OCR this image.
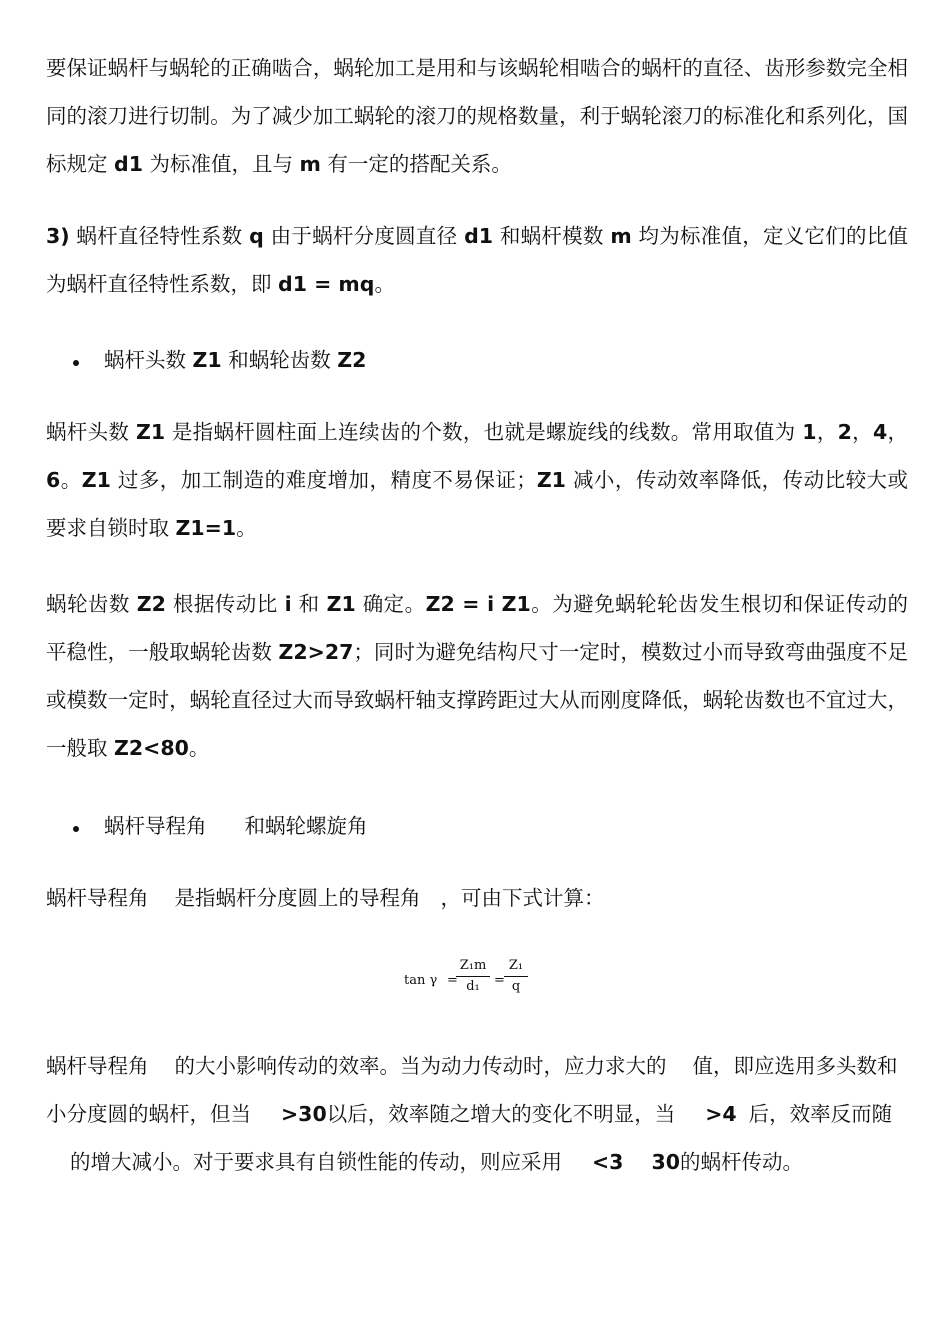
要保证蜗杆与蜗轮的正确啮合，蜗轮加工是用和与该蜗轮相啮合的蜗杆的直径、齿形参数完全相同的滚刀进行切制。为了减少加工蜗轮的滚刀的规格数量，利于蜗轮滚刀的标准化和系列化，国标规定 d1 为标准值，且与 m 有一定的搭配关系。

3) 蜗杆直径特性系数 q 由于蜗杆分度圆直径 d1 和蜗杆模数 m 均为标准值，定义它们的比值为蜗杆直径特性系数，即 d1 = mq。

蜗杆头数 Z1 和蜗轮齿数 Z2

蜗杆头数 Z1 是指蜗杆圆柱面上连续齿的个数，也就是螺旋线的线数。常用取值为 1，2，4，6。Z1 过多，加工制造的难度增加，精度不易保证；Z1 减小，传动效率降低，传动比较大或要求自锁时取 Z1=1。

蜗轮齿数 Z2 根据传动比 i 和 Z1 确定。Z2 = i Z1。为避免蜗轮轮齿发生根切和保证传动的平稳性，一般取蜗轮齿数 Z2>27；同时为避免结构尺寸一定时，模数过小而导致弯曲强度不足或模数一定时，蜗轮直径过大而导致蜗杆轴支撑跨距过大从而刚度降低，蜗轮齿数也不宜过大，一般取 Z2<80。

蜗杆导程角 和蜗轮螺旋角

蜗杆导程角 是指蜗杆分度圆上的导程角 ，可由下式计算：

tan γ =
$\frac{\text{Z₁m}}{\text{d₁}} = \frac{\text{Z₁}}{q}$

蜗杆导程角 的大小影响传动的效率。当为动力传动时，应力求大的 值，即应选用多头数和小分度圆的蜗杆，但当 >30以后，效率随之增大的变化不明显，当 >4 后，效率反而随的增大减小。对于要求具有自锁性能的传动，则应采用 <3 30的蜗杆传动。
